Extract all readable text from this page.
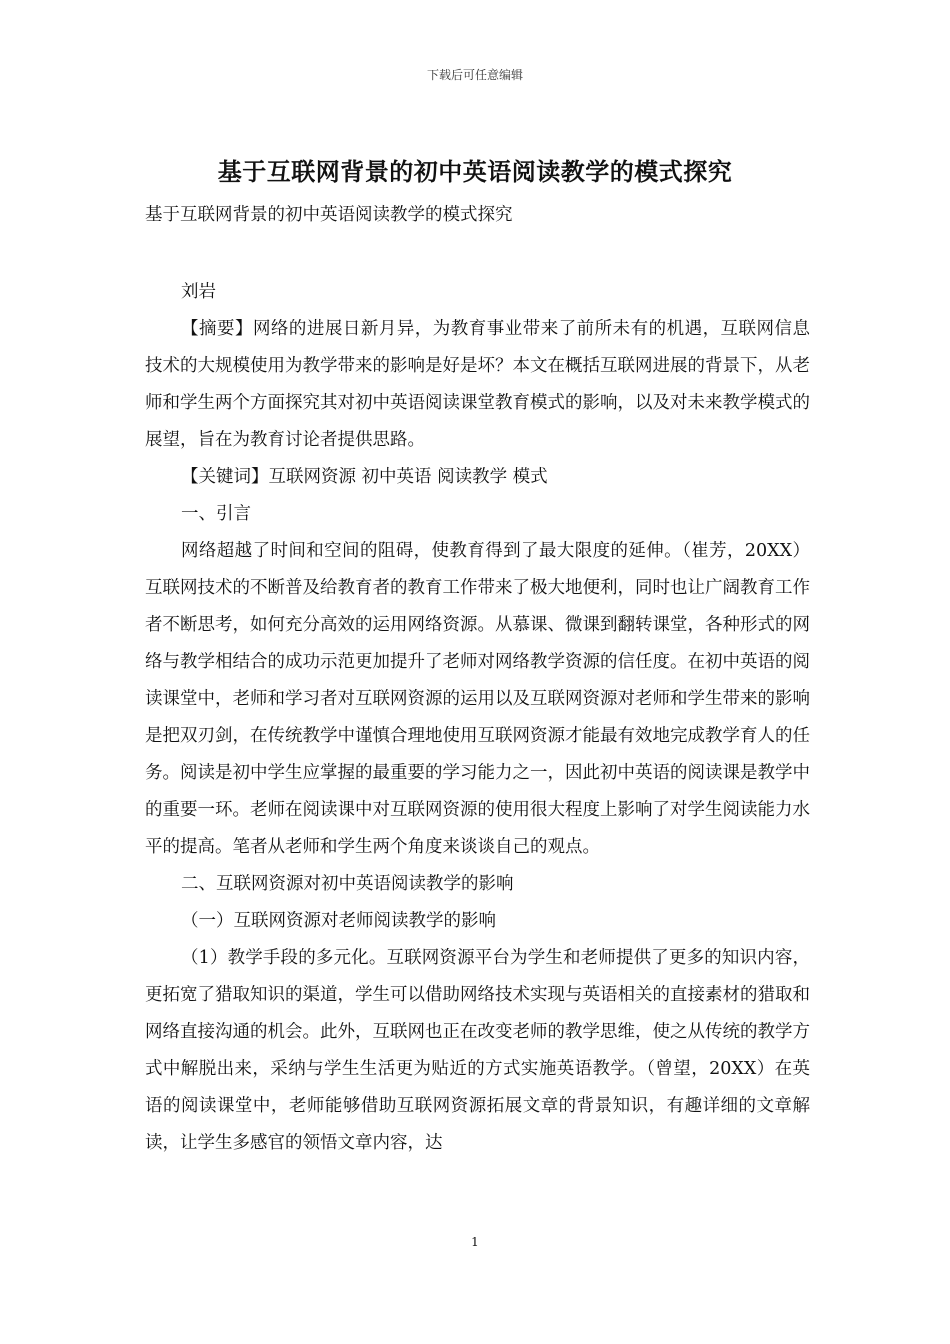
下载后可任意编辑
基于互联网背景的初中英语阅读教学的模式探究
基于互联网背景的初中英语阅读教学的模式探究

刘岩

【摘要】网络的进展日新月异，为教育事业带来了前所未有的机遇，互联网信息技术的大规模使用为教学带来的影响是好是坏？本文在概括互联网进展的背景下，从老师和学生两个方面探究其对初中英语阅读课堂教育模式的影响，以及对未来教学模式的展望，旨在为教育讨论者提供思路。

【关键词】互联网资源 初中英语 阅读教学 模式

一、引言

网络超越了时间和空间的阻碍，使教育得到了最大限度的延伸。（崔芳，20XX）互联网技术的不断普及给教育者的教育工作带来了极大地便利，同时也让广阔教育工作者不断思考，如何充分高效的运用网络资源。从慕课、微课到翻转课堂，各种形式的网络与教学相结合的成功示范更加提升了老师对网络教学资源的信任度。在初中英语的阅读课堂中，老师和学习者对互联网资源的运用以及互联网资源对老师和学生带来的影响是把双刃剑，在传统教学中谨慎合理地使用互联网资源才能最有效地完成教学育人的任务。阅读是初中学生应掌握的最重要的学习能力之一，因此初中英语的阅读课是教学中的重要一环。老师在阅读课中对互联网资源的使用很大程度上影响了对学生阅读能力水平的提高。笔者从老师和学生两个角度来谈谈自己的观点。

二、互联网资源对初中英语阅读教学的影响

（一）互联网资源对老师阅读教学的影响

（1）教学手段的多元化。互联网资源平台为学生和老师提供了更多的知识内容，更拓宽了猎取知识的渠道，学生可以借助网络技术实现与英语相关的直接素材的猎取和网络直接沟通的机会。此外，互联网也正在改变老师的教学思维，使之从传统的教学方式中解脱出来，采纳与学生生活更为贴近的方式实施英语教学。（曾望，20XX）在英语的阅读课堂中，老师能够借助互联网资源拓展文章的背景知识，有趣详细的文章解读，让学生多感官的领悟文章内容，达

1
